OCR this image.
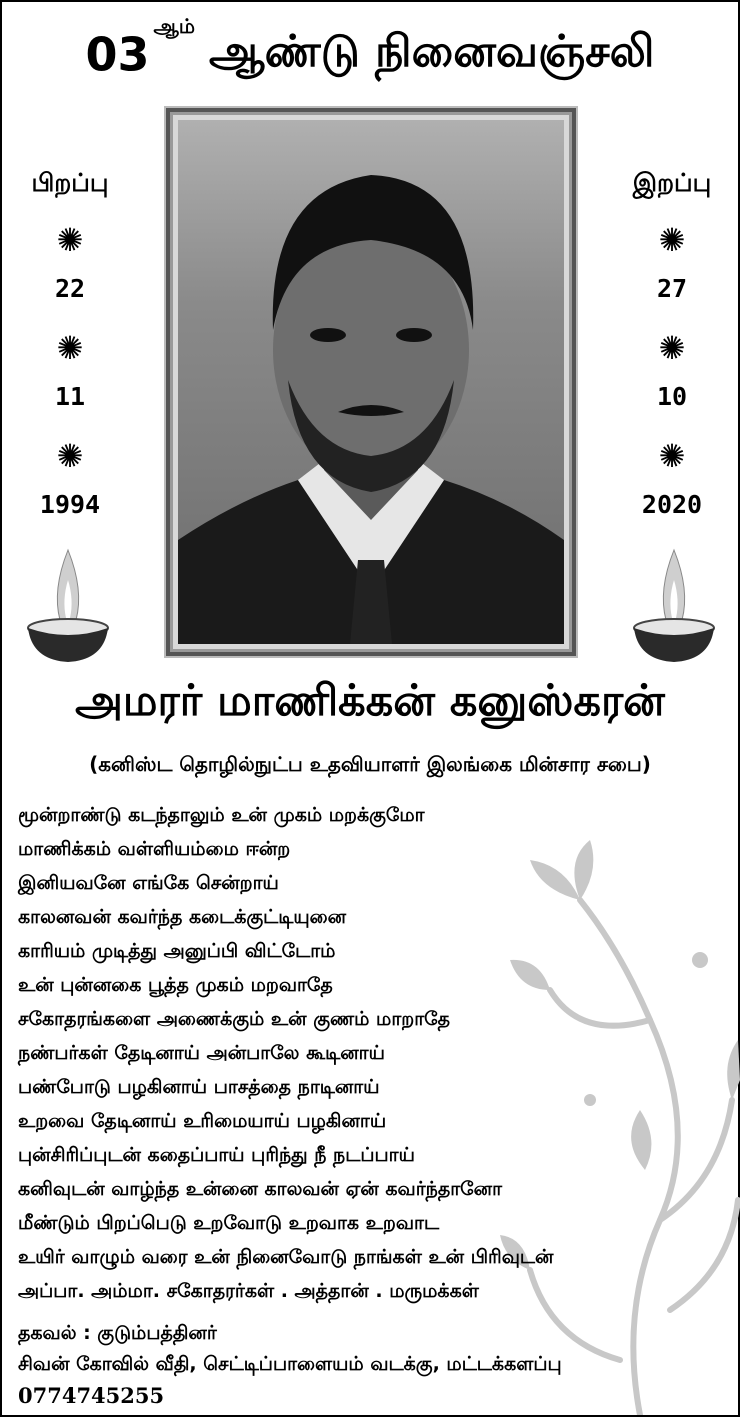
03ஆம் ஆண்டு நினைவஞ்சலி
பிறப்பு
✺
22
✺
11
✺
1994
இறப்பு
✺
27
✺
10
✺
2020
அமரர் மாணிக்கன் கனுஸ்கரன்
(கனிஸ்ட தொழில்நுட்ப உதவியாளர் இலங்கை மின்சார சபை)
மூன்றாண்டு கடந்தாலும் உன் முகம் மறக்குமோ
மாணிக்கம் வள்ளியம்மை ஈன்ற
இனியவனே எங்கே சென்றாய்
காலனவன் கவர்ந்த கடைக்குட்டியுனை
காரியம் முடித்து அனுப்பி விட்டோம்
உன் புன்னகை பூத்த முகம் மறவாதே
சகோதரங்களை அணைக்கும் உன் குணம் மாறாதே
நண்பர்கள் தேடினாய் அன்பாலே கூடினாய்
பண்போடு பழகினாய் பாசத்தை நாடினாய்
உறவை தேடினாய் உரிமையாய் பழகினாய்
புன்சிரிப்புடன் கதைப்பாய் புரிந்து நீ நடப்பாய்
கனிவுடன் வாழ்ந்த உன்னை காலவன் ஏன் கவர்ந்தானோ
மீண்டும் பிறப்பெடு உறவோடு உறவாக உறவாட
உயிர் வாழும் வரை உன் நினைவோடு நாங்கள் உன் பிரிவுடன்
அப்பா. அம்மா. சகோதரர்கள் . அத்தான் . மருமக்கள்
தகவல் : குடும்பத்தினர்
சிவன் கோவில் வீதி, செட்டிப்பாளையம் வடக்கு, மட்டக்களப்பு
0774745255
